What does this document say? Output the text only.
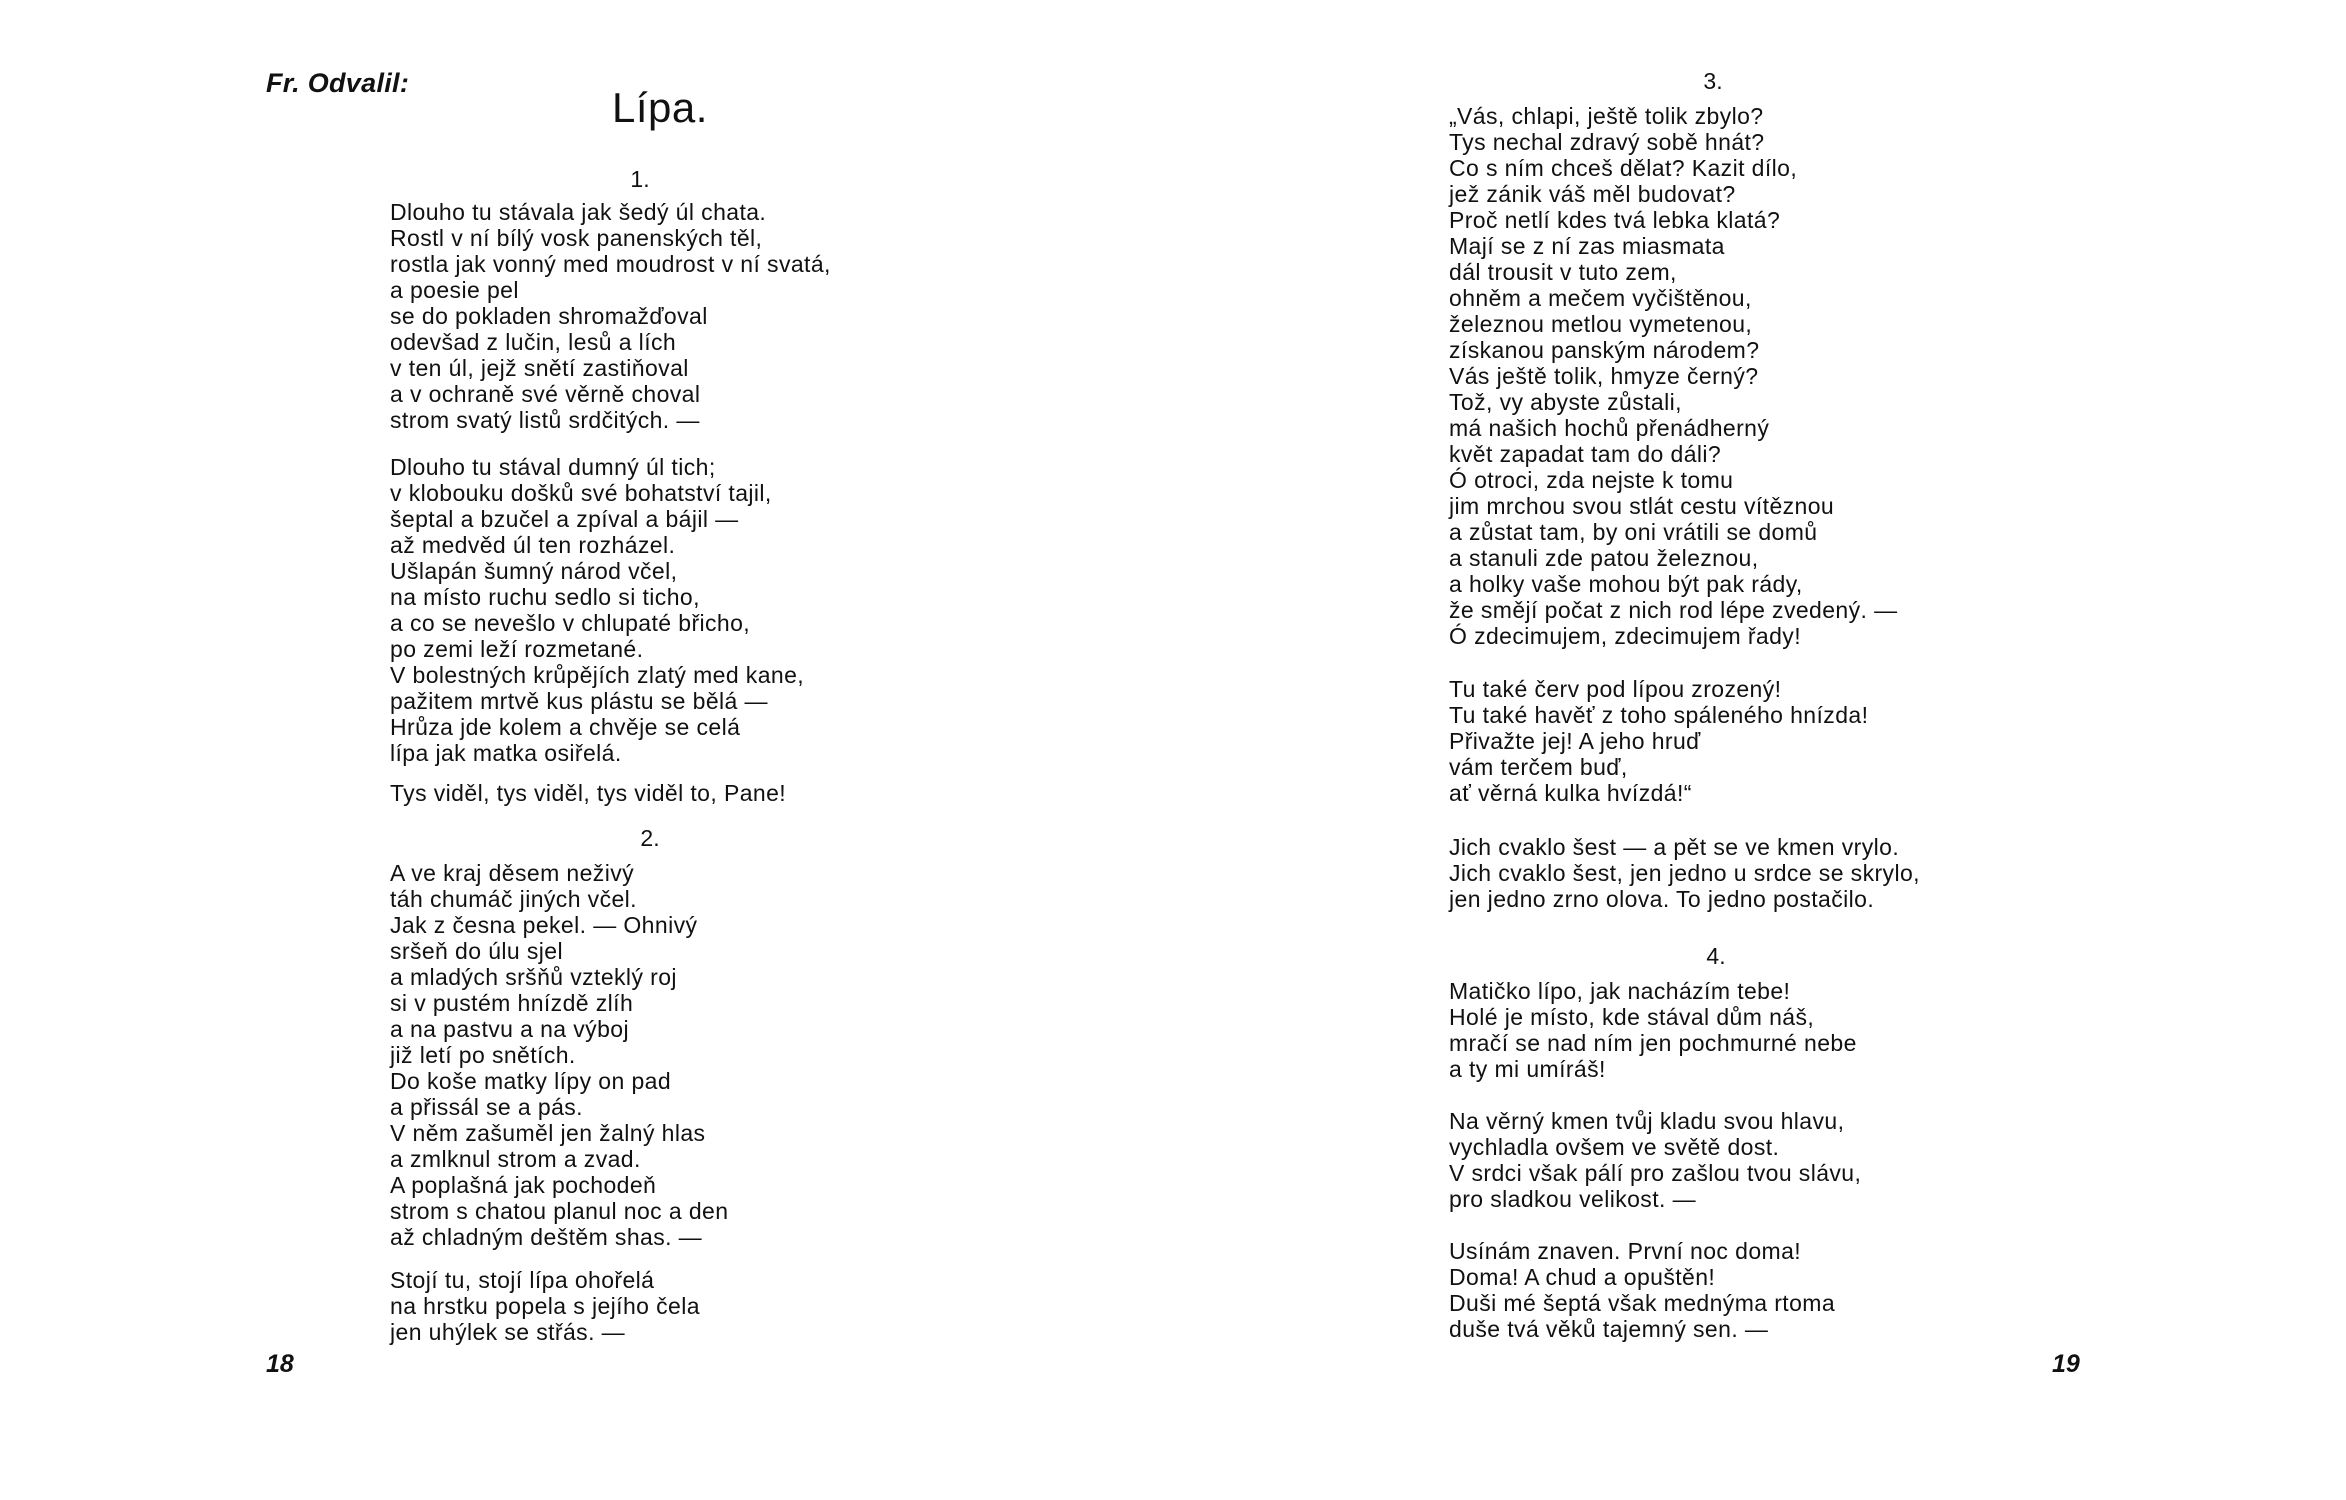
Fr. Odvalil:
Lípa.
1.
Dlouho tu stávala jak šedý úl chata.
Rostl v ní bílý vosk panenských těl,
rostla jak vonný med moudrost v ní svatá,
a poesie pel
se do pokladen shromažďoval
odevšad z lučin, lesů a lích
v ten úl, jejž snětí zastiňoval
a v ochraně své věrně choval
strom svatý listů srdčitých. —
Dlouho tu stával dumný úl tich;
v klobouku došků své bohatství tajil,
šeptal a bzučel a zpíval a bájil —
až medvěd úl ten rozházel.
Ušlapán šumný národ včel,
na místo ruchu sedlo si ticho,
a co se nevešlo v chlupaté břicho,
po zemi leží rozmetané.
V bolestných krůpějích zlatý med kane,
pažitem mrtvě kus plástu se bělá —
Hrůza jde kolem a chvěje se celá
lípa jak matka osiřelá.
Tys viděl, tys viděl, tys viděl to, Pane!
2.
A ve kraj děsem neživý
táh chumáč jiných včel.
Jak z česna pekel. — Ohnivý
sršeň do úlu sjel
a mladých sršňů vzteklý roj
si v pustém hnízdě zlíh
a na pastvu a na výboj
již letí po snětích.
Do koše matky lípy on pad
a přissál se a pás.
V něm zašuměl jen žalný hlas
a zmlknul strom a zvad.
A poplašná jak pochodeň
strom s chatou planul noc a den
až chladným deštěm shas. —
Stojí tu, stojí lípa ohořelá
na hrstku popela s jejího čela
jen uhýlek se střás. —
18
3.
„Vás, chlapi, ještě tolik zbylo?
Tys nechal zdravý sobě hnát?
Co s ním chceš dělat? Kazit dílo,
jež zánik váš měl budovat?
Proč netlí kdes tvá lebka klatá?
Mají se z ní zas miasmata
dál trousit v tuto zem,
ohněm a mečem vyčištěnou,
železnou metlou vymetenou,
získanou panským národem?
Vás ještě tolik, hmyze černý?
Tož, vy abyste zůstali,
má našich hochů přenádherný
květ zapadat tam do dáli?
Ó otroci, zda nejste k tomu
jim mrchou svou stlát cestu vítěznou
a zůstat tam, by oni vrátili se domů
a stanuli zde patou železnou,
a holky vaše mohou být pak rády,
že smějí počat z nich rod lépe zvedený. —
Ó zdecimujem, zdecimujem řady!
Tu také červ pod lípou zrozený!
Tu také havěť z toho spáleného hnízda!
Přivažte jej! A jeho hruď
vám terčem buď,
ať věrná kulka hvízdá!“
Jich cvaklo šest — a pět se ve kmen vrylo.
Jich cvaklo šest, jen jedno u srdce se skrylo,
jen jedno zrno olova. To jedno postačilo.
4.
Matičko lípo, jak nacházím tebe!
Holé je místo, kde stával dům náš,
mračí se nad ním jen pochmurné nebe
a ty mi umíráš!
Na věrný kmen tvůj kladu svou hlavu,
vychladla ovšem ve světě dost.
V srdci však pálí pro zašlou tvou slávu,
pro sladkou velikost. —
Usínám znaven. První noc doma!
Doma! A chud a opuštěn!
Duši mé šeptá však mednýma rtoma
duše tvá věků tajemný sen. —
19
